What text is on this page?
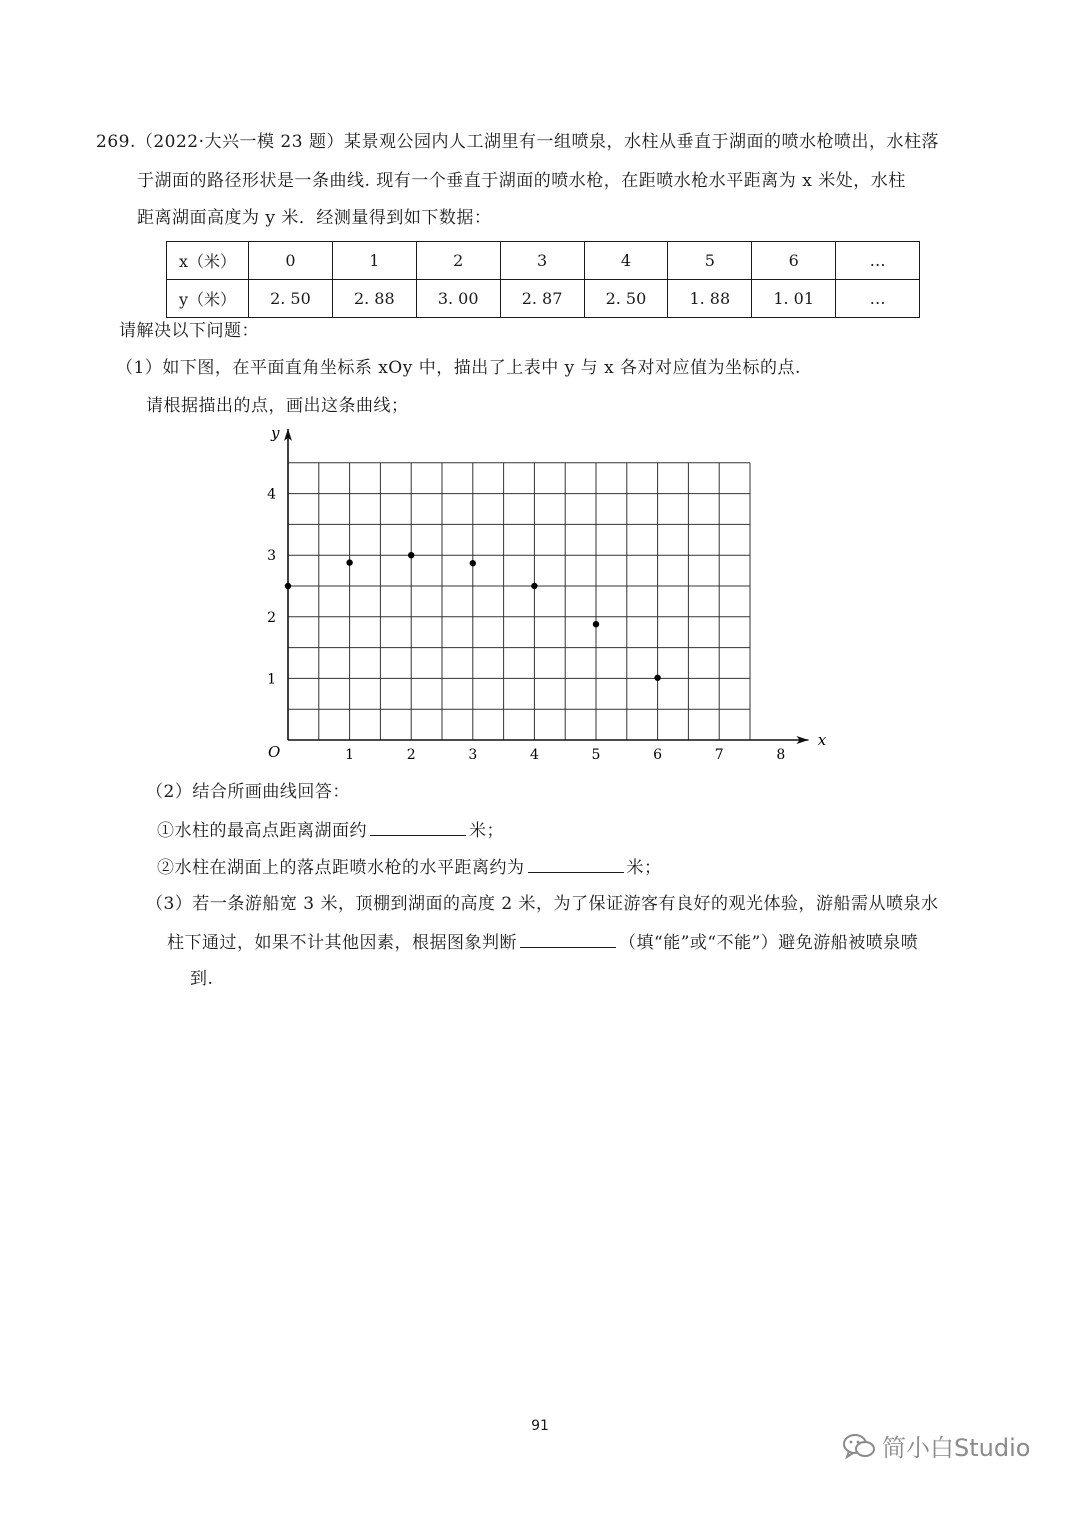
269.（2022·大兴一模 23 题）某景观公园内人工湖里有一组喷泉，水柱从垂直于湖面的喷水枪喷出，水柱落
于湖面的路径形状是一条曲线. 现有一个垂直于湖面的喷水枪，在距喷水枪水平距离为 x 米处，水柱
距离湖面高度为 y 米．经测量得到如下数据：
x（米）	0	1	2	3	4	5	6	…
y（米）	2. 50	2. 88	3. 00	2. 87	2. 50	1. 88	1. 01	…
请解决以下问题：
（1）如下图，在平面直角坐标系 xOy 中，描出了上表中 y 与 x 各对对应值为坐标的点.
请根据描出的点，画出这条曲线；
x
y
O	1	2	3	4	5	6	7	8
1
2
3
4
（2）结合所画曲线回答：
①水柱的最高点距离湖面约	米；
②水柱在湖面上的落点距喷水枪的水平距离约为	米；
（3）若一条游船宽 3 米，顶棚到湖面的高度 2 米，为了保证游客有良好的观光体验，游船需从喷泉水
柱下通过，如果不计其他因素，根据图象判断	（填“能”或“不能”）避免游船被喷泉喷
到.
91
简小白Studio
